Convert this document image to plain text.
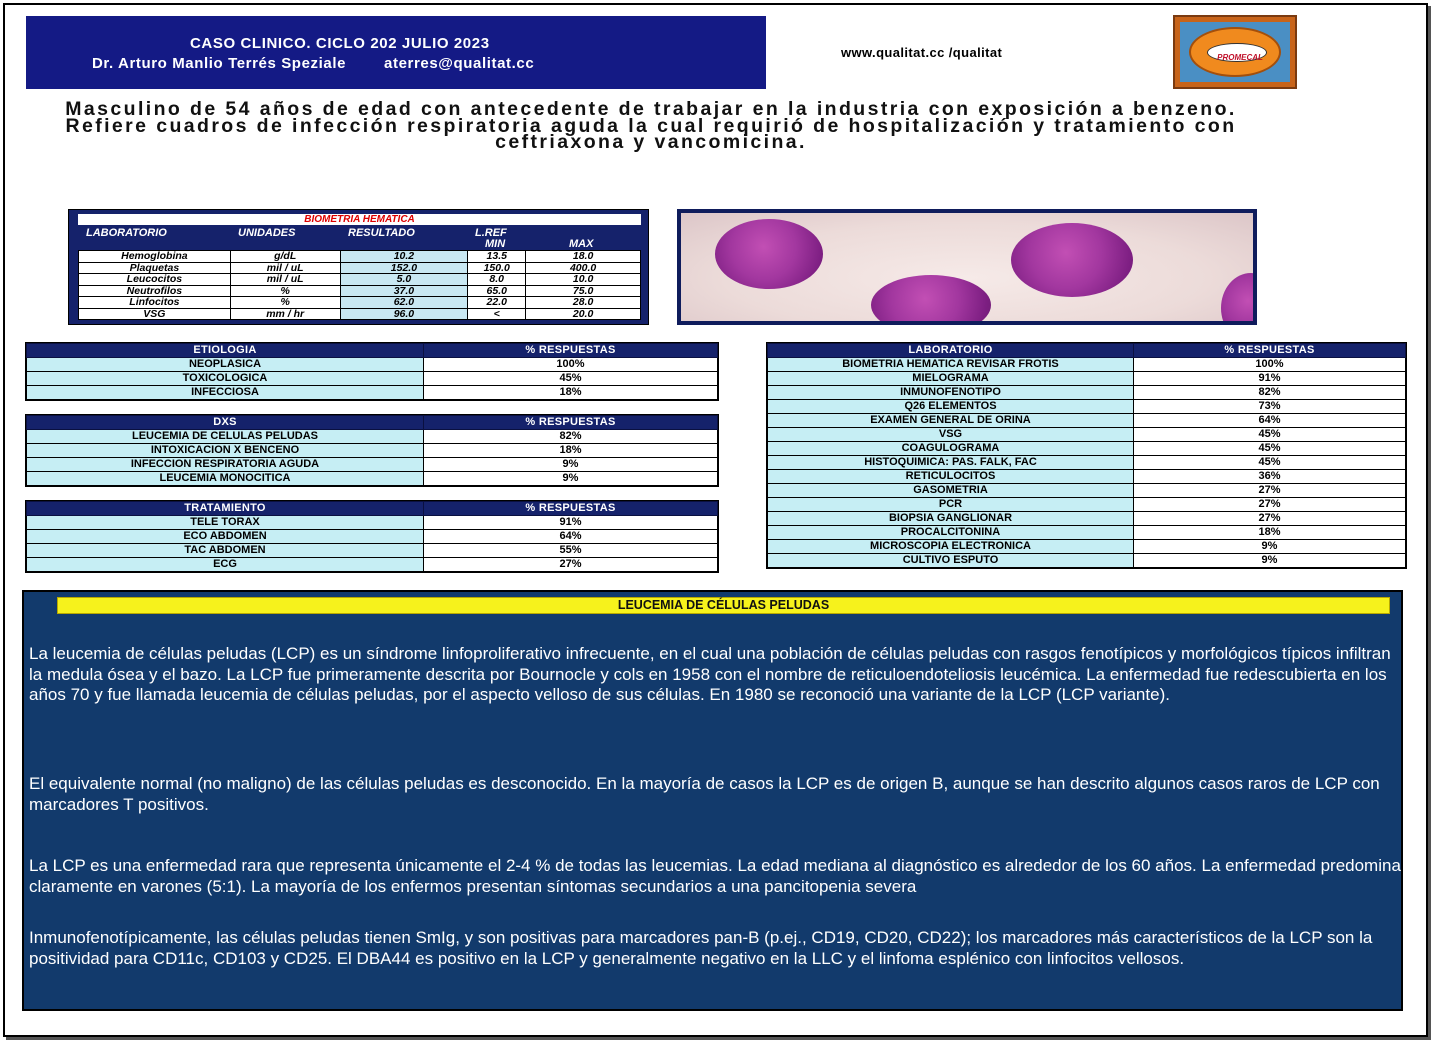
CASO CLINICO. CICLO 202 JULIO 2023
Dr. Arturo Manlio Terrés Speziale	aterres@qualitat.cc
www.qualitat.cc /qualitat	PROMECAL
Masculino de 54 años de edad con antecedente de trabajar en la industria con exposición a benzeno. Refiere cuadros de infección respiratoria aguda la cual requirió de hospitalización y tratamiento con ceftriaxona y vancomicina.
BIOMETRIA HEMATICA
LABORATORIO	UNIDADES	RESULTADO	L.REF
MIN	MAX
Hemoglobina	g/dL	10.2	13.5	18.0
Plaquetas	mil / uL	152.0	150.0	400.0
Leucocitos	mil / uL	5.0	8.0	10.0
Neutrofilos	%	37.0	65.0	75.0
Linfocitos	%	62.0	22.0	28.0
VSG	mm / hr	96.0	<	20.0
ETIOLOGIA	% RESPUESTAS
NEOPLASICA	100%
TOXICOLOGICA	45%
INFECCIOSA	18%
DXS	% RESPUESTAS
LEUCEMIA DE CELULAS PELUDAS	82%
INTOXICACION X BENCENO	18%
INFECCION RESPIRATORIA AGUDA	9%
LEUCEMIA MONOCITICA	9%
TRATAMIENTO	% RESPUESTAS
TELE TORAX	91%
ECO ABDOMEN	64%
TAC ABDOMEN	55%
ECG	27%
LABORATORIO	% RESPUESTAS
BIOMETRIA HEMATICA REVISAR FROTIS	100%
MIELOGRAMA	91%
INMUNOFENOTIPO	82%
Q26 ELEMENTOS	73%
EXAMEN GENERAL DE ORINA	64%
VSG	45%
COAGULOGRAMA	45%
HISTOQUIMICA: PAS. FALK, FAC	45%
RETICULOCITOS	36%
GASOMETRIA	27%
PCR	27%
BIOPSIA GANGLIONAR	27%
PROCALCITONINA	18%
MICROSCOPIA ELECTRONICA	9%
CULTIVO ESPUTO	9%
LEUCEMIA DE CÉLULAS PELUDAS

La leucemia de células peludas (LCP) es un síndrome linfoproliferativo infrecuente, en el cual una población de células peludas con rasgos fenotípicos y morfológicos típicos infiltran la medula ósea y el bazo. La LCP fue primeramente descrita por Bournocle y cols en 1958 con el nombre de reticuloendoteliosis leucémica. La enfermedad fue redescubierta en los años 70 y fue llamada leucemia de células peludas, por el aspecto velloso de sus células. En 1980 se reconoció una variante de la LCP (LCP variante).

El equivalente normal (no maligno) de las células peludas es desconocido. En la mayoría de casos la LCP es de origen B, aunque se han descrito algunos casos raros de LCP con marcadores T positivos.

La LCP es una enfermedad rara que representa únicamente el 2-4 % de todas las leucemias. La edad mediana al diagnóstico es alrededor de los 60 años. La enfermedad predomina claramente en varones (5:1). La mayoría de los enfermos presentan síntomas secundarios a una pancitopenia severa

Inmunofenotípicamente, las células peludas tienen SmIg, y son positivas para marcadores pan-B (p.ej., CD19, CD20, CD22); los marcadores más característicos de la LCP son la positividad para CD11c, CD103 y CD25. El DBA44 es positivo en la LCP y generalmente negativo en la LLC y el linfoma esplénico con linfocitos vellosos.
